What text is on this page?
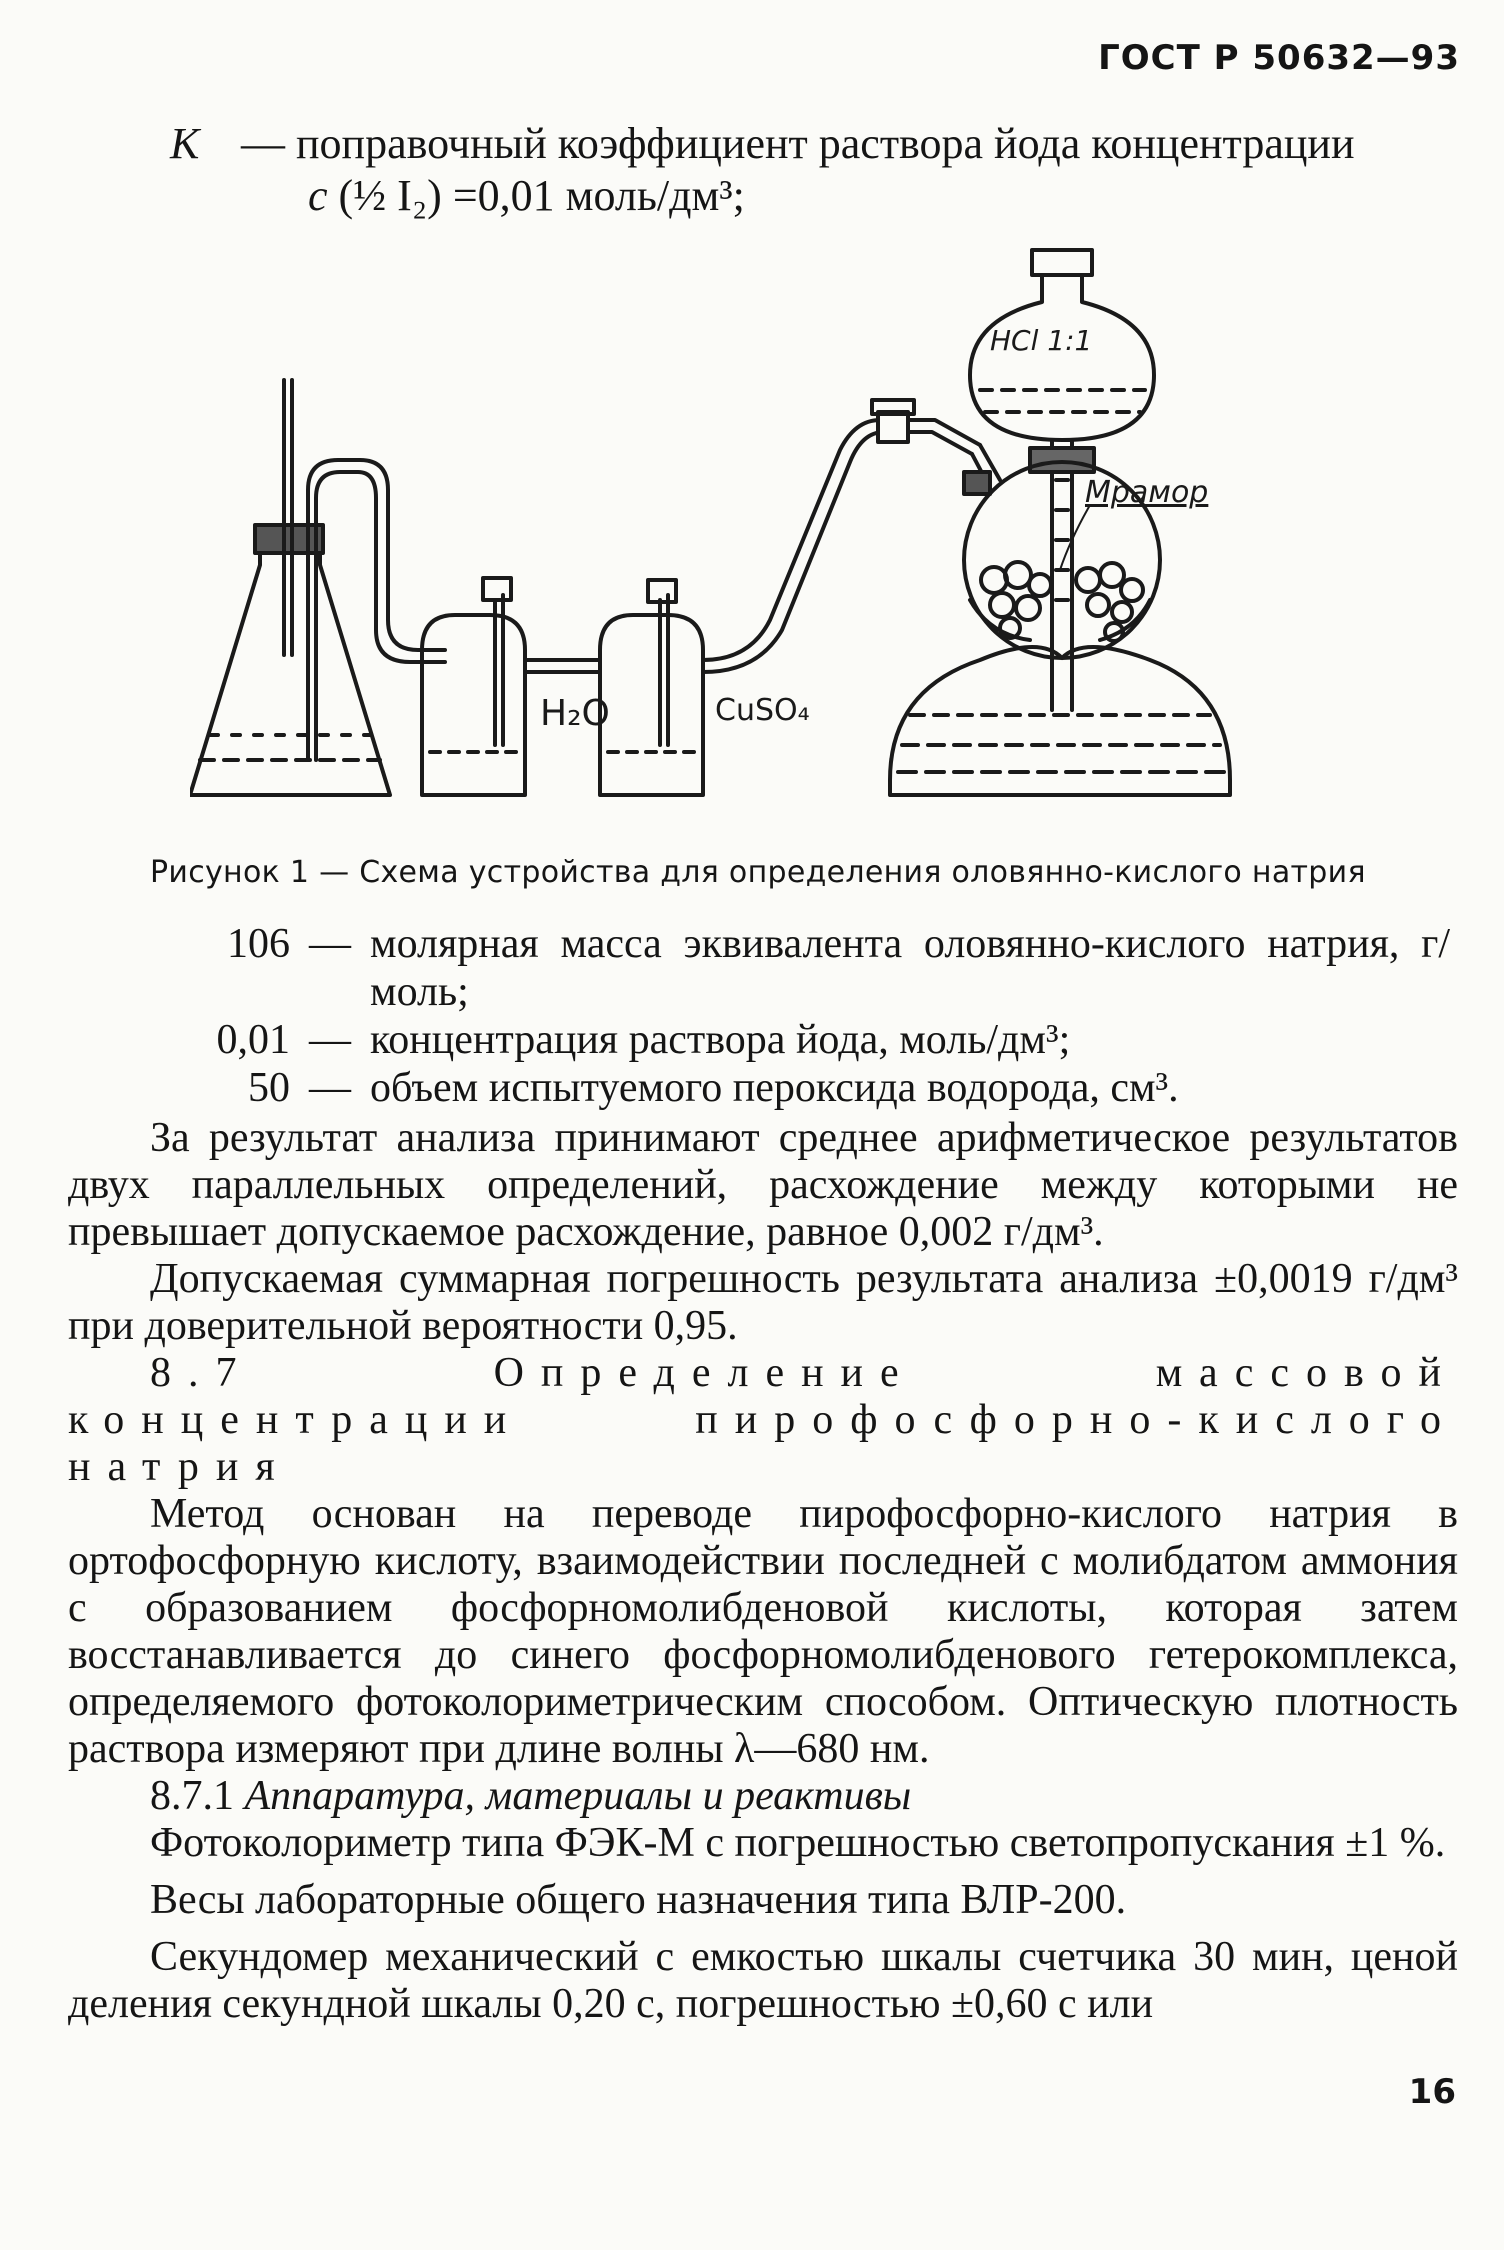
ГОСТ Р 50632—93
К — поправочный коэффициент раствора йода концентрации
с (½ I₂) =0,01 моль/дм³;
HCl 1:1
Мрамор
H₂O	CuSO₄
Рисунок 1 — Схема устройства для определения оловянно-кислого натрия
106 — молярная масса эквивалента оловянно-кислого натрия, г/моль;
0,01 — концентрация раствора йода, моль/дм³;
50 — объем испытуемого пероксида водорода, см³.

За результат анализа принимают среднее арифметическое результатов двух параллельных определений, расхождение между которыми не превышает допускаемое расхождение, равное 0,002 г/дм³.

Допускаемая суммарная погрешность результата анализа ±0,0019 г/дм³ при доверительной вероятности 0,95.

8.7 Определение массовой концентрации пирофосфорно-кислого натрия

Метод основан на переводе пирофосфорно-кислого натрия в ортофосфорную кислоту, взаимодействии последней с молибдатом аммония с образованием фосфорномолибденовой кислоты, которая затем восстанавливается до синего фосфорномолибденового гетерокомплекса, определяемого фотоколориметрическим способом. Оптическую плотность раствора измеряют при длине волны λ—680 нм.

8.7.1 Аппаратура, материалы и реактивы

Фотоколориметр типа ФЭК-М с погрешностью светопропускания ±1 %.

Весы лабораторные общего назначения типа ВЛР-200.

Секундомер механический с емкостью шкалы счетчика 30 мин, ценой деления секундной шкалы 0,20 с, погрешностью ±0,60 с или

16
